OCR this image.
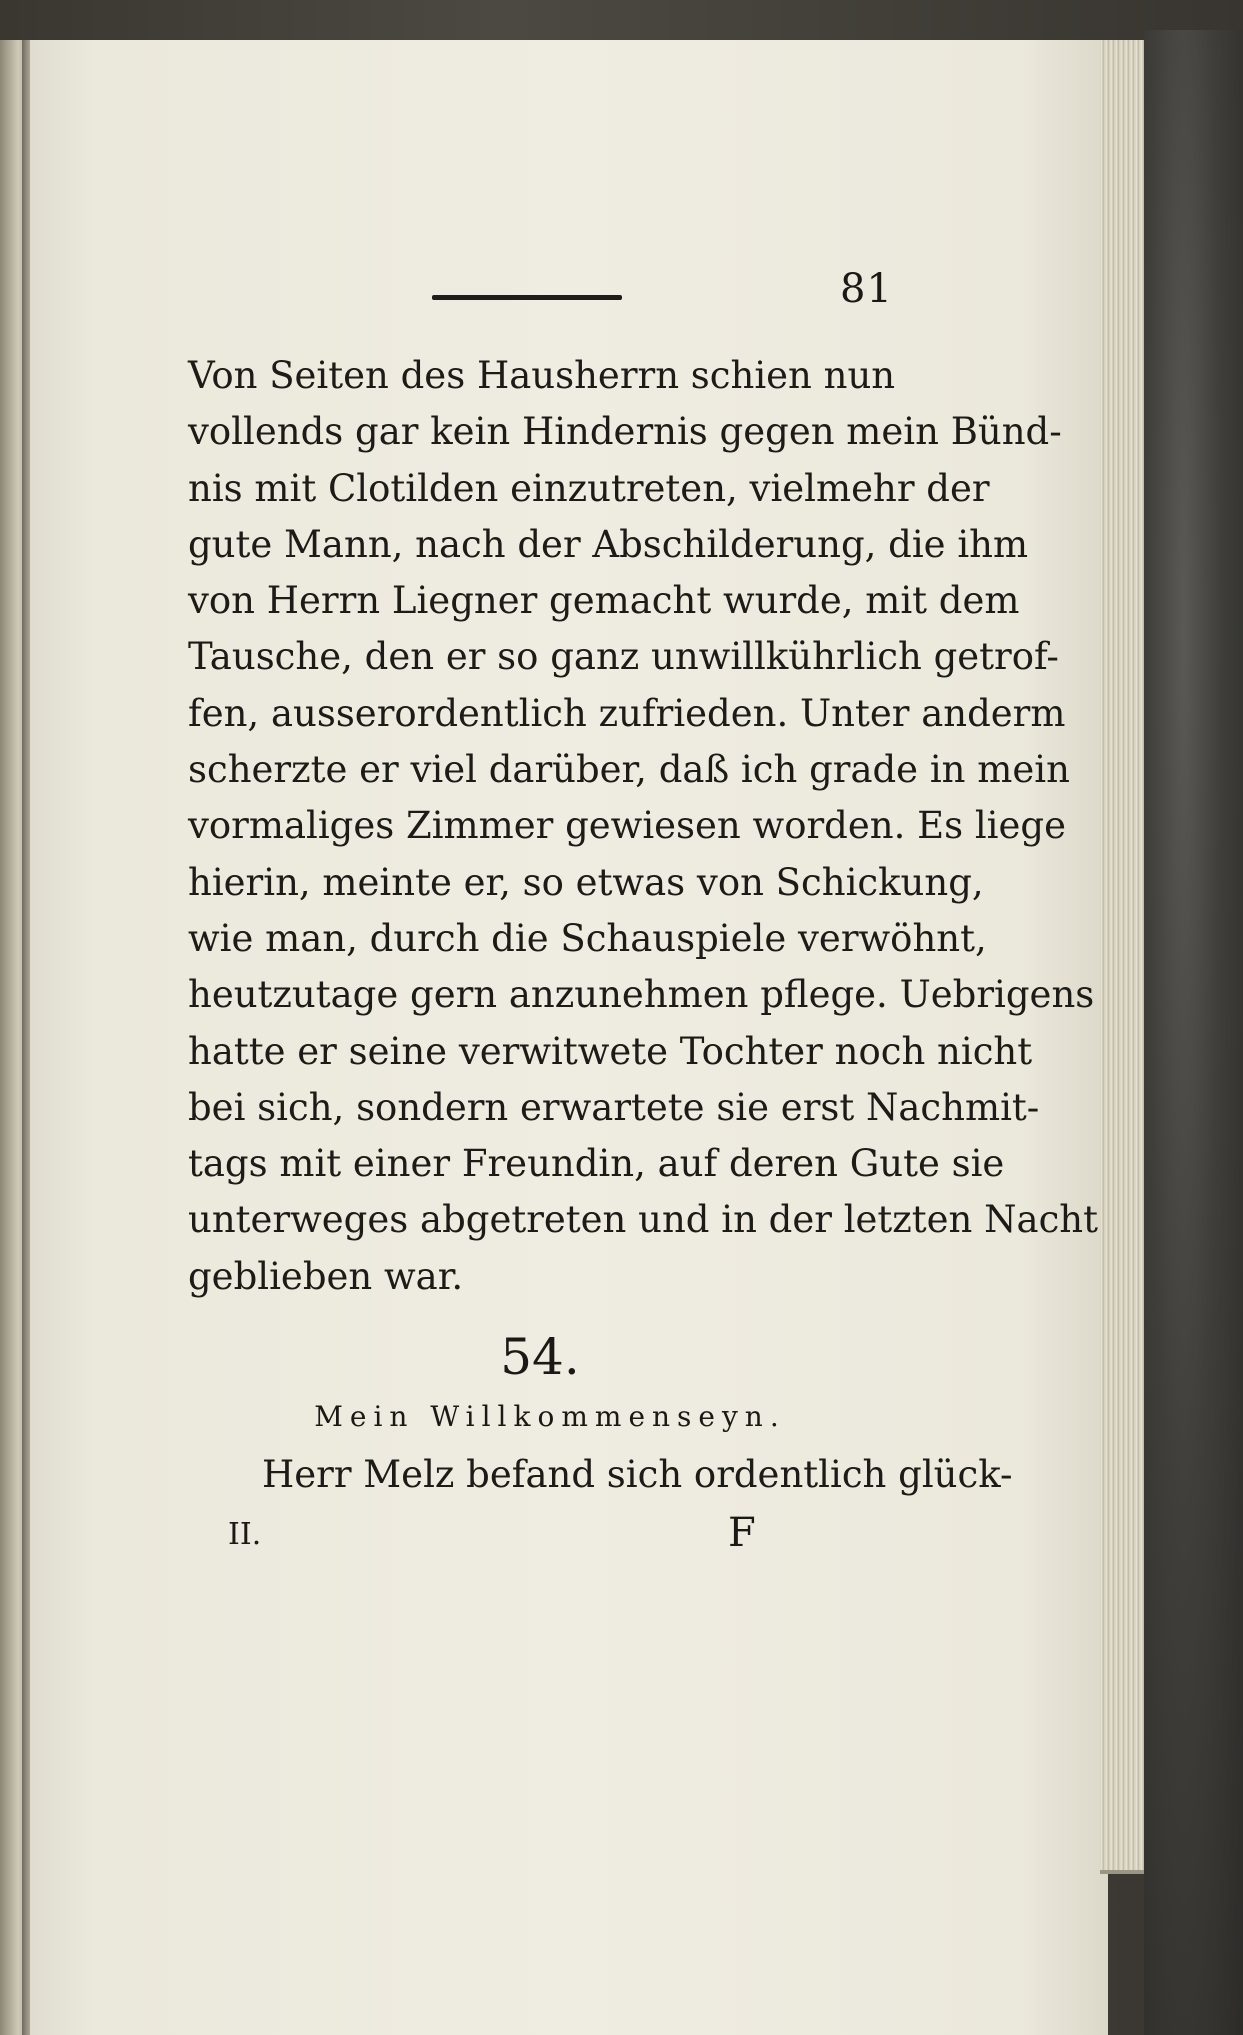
81
Von Seiten des Hausherrn schien nun
vollends gar kein Hindernis gegen mein Bünd-
nis mit Clotilden einzutreten, vielmehr der
gute Mann, nach der Abschilderung, die ihm
von Herrn Liegner gemacht wurde, mit dem
Tausche, den er so ganz unwillkührlich getrof-
fen, ausserordentlich zufrieden. Unter anderm
scherzte er viel darüber, daß ich grade in mein
vormaliges Zimmer gewiesen worden. Es liege
hierin, meinte er, so etwas von Schickung,
wie man, durch die Schauspiele verwöhnt,
heutzutage gern anzunehmen pflege. Uebrigens
hatte er seine verwitwete Tochter noch nicht
bei sich, sondern erwartete sie erst Nachmit-
tags mit einer Freundin, auf deren Gute sie
unterweges abgetreten und in der letzten Nacht
geblieben war.
54.
Mein Willkommenseyn.
Herr Melz befand sich ordentlich glück-
II.	F
